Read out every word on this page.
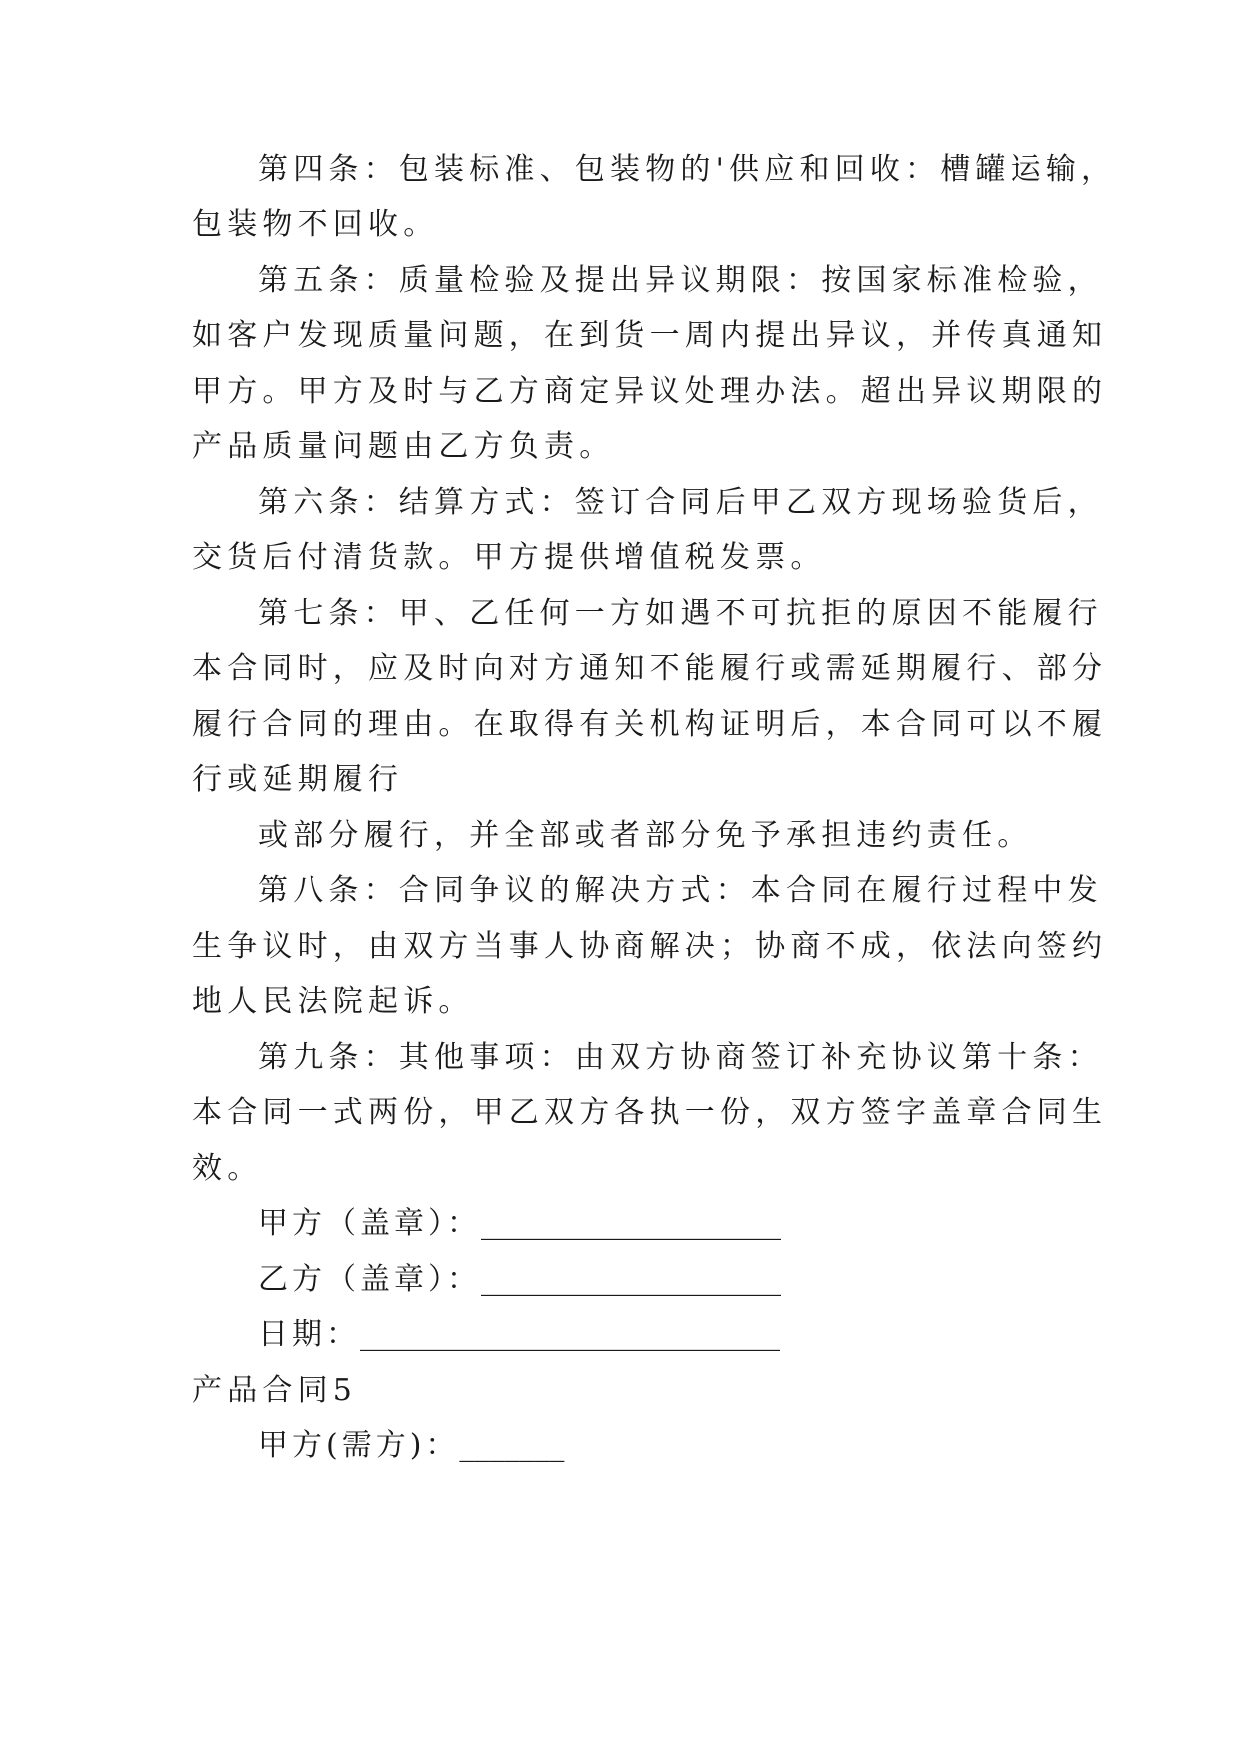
第四条：包装标准、包装物的'供应和回收：槽罐运输，
包装物不回收。
第五条：质量检验及提出异议期限：按国家标准检验，
如客户发现质量问题，在到货一周内提出异议，并传真通知
甲方。甲方及时与乙方商定异议处理办法。超出异议期限的
产品质量问题由乙方负责。
第六条：结算方式：签订合同后甲乙双方现场验货后，
交货后付清货款。甲方提供增值税发票。
第七条：甲、乙任何一方如遇不可抗拒的原因不能履行
本合同时，应及时向对方通知不能履行或需延期履行、部分
履行合同的理由。在取得有关机构证明后，本合同可以不履
行或延期履行
或部分履行，并全部或者部分免予承担违约责任。
第八条：合同争议的解决方式：本合同在履行过程中发
生争议时，由双方当事人协商解决；协商不成，依法向签约
地人民法院起诉。
第九条：其他事项：由双方协商签订补充协议第十条：
本合同一式两份，甲乙双方各执一份，双方签字盖章合同生
效。
甲方（盖章）：____________________
乙方（盖章）：____________________
日期：____________________________
产品合同5
甲方(需方)：_______
